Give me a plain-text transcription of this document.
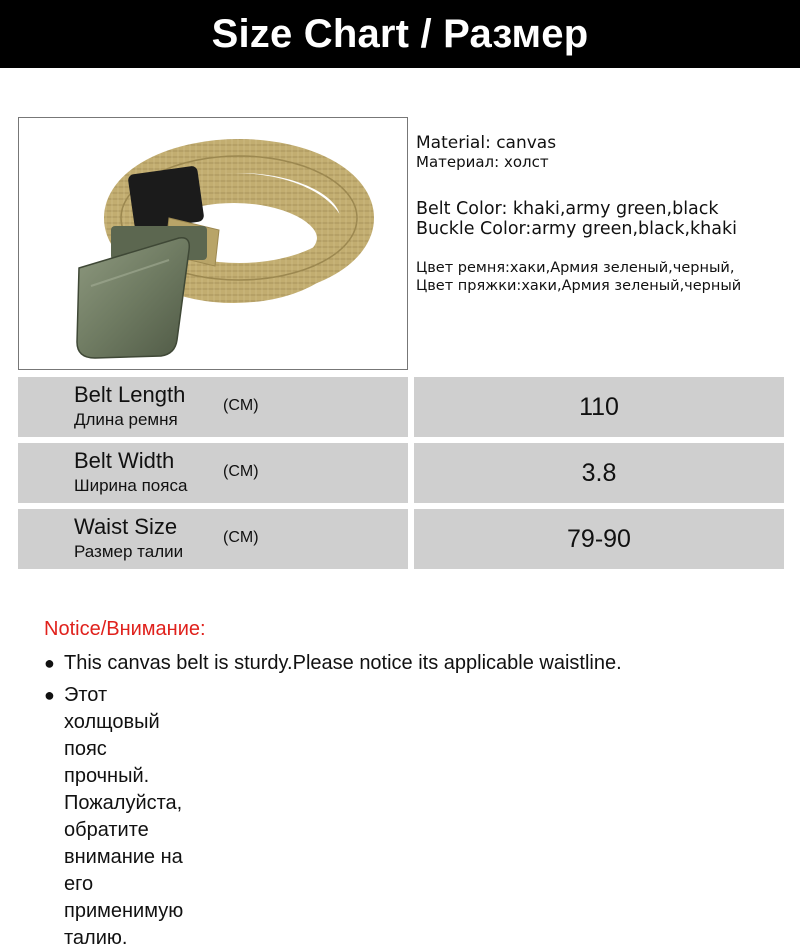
Size Chart / Размер
Material: canvas
Материал: холст
Belt Color: khaki,army green,black
Buckle Color:army green,black,khaki
Цвет ремня:хаки,Армия зеленый,черный,
Цвет пряжки:хаки,Армия зеленый,черный
Belt Length
Длина ремня
(CM)	110
Belt Width
Ширина пояса
(CM)	3.8
Waist Size
Размер талии
(CM)	79-90
Notice/Внимание:
● This canvas belt is sturdy.Please notice its applicable waistline.
● Этот холщовый пояс прочный. Пожалуйста, обратите
внимание на его применимую талию.
